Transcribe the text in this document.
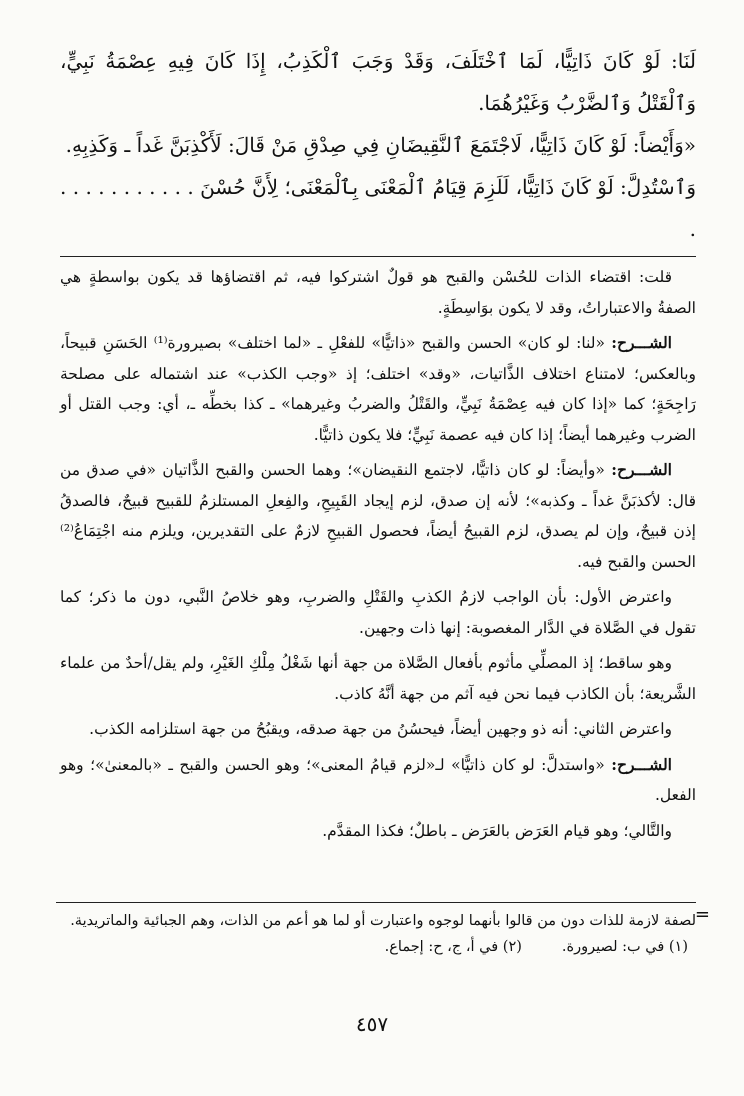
لَنَا: لَوْ كَانَ ذَاتِيًّا، لَمَا ٱخْتَلَفَ، وَقَدْ وَجَبَ ٱلْكَذِبُ، إِذَا كَانَ فِيهِ عِصْمَةُ نَبِيٍّ، وَٱلْقَتْلُ وَٱلضَّرْبُ وَغَيْرُهُمَا.

«وَأَيْضاً: لَوْ كَانَ ذَاتِيًّا، لَاجْتَمَعَ ٱلنَّقِيضَانِ فِي صِدْقِ مَنْ قَالَ: لَأَكْذِبَنَّ غَداً ـ وَكَذِبِهِ.

وَٱسْتُدِلَّ: لَوْ كَانَ ذَاتِيًّا، لَلَزِمَ قِيَامُ ٱلْمَعْنَى بِٱلْمَعْنَى؛ لِأَنَّ حُسْنَ . . . . . . . . . . . .

قلت: اقتضاء الذات للحُسْن والقبح هو قولٌ اشتركوا فيه، ثم اقتضاؤها قد يكون بواسطةٍ هي الصفةُ والاعتباراتُ، وقد لا يكون بوَاسِطَةٍ.

الشـــرح: «لنا: لو كان» الحسن والقبح «ذاتيًّا» للفعْلِ ـ «لما اختلف» بصيرورة⁽¹⁾ الحَسَنِ قبيحاً، وبالعكس؛ لامتناع اختلاف الذَّاتيات، «وقد» اختلف؛ إذ «وجب الكذب» عند اشتماله على مصلحة رَاجِحَةٍ؛ كما «إذا كان فيه عِصْمَةُ نَبِيٍّ، والقَتْلُ والضربُ وغيرهما» ـ كذا بخطِّه ـ، أي: وجب القتل أو الضرب وغيرهما أيضاً؛ إذا كان فيه عصمة نَبِيٍّ؛ فلا يكون ذاتيًّا.

الشـــرح: «وأيضاً: لو كان ذاتيًّا، لاجتمع النقيضان»؛ وهما الحسن والقبح الذَّاتيان «في صدق من قال: لأكذبَنَّ غداً ـ وكذبه»؛ لأنه إن صدق، لزم إيجاد القَبِيحِ، والفِعلِ المستلزمُ للقبيح قبيحٌ، فالصدقُ إذن قبيحٌ، وإن لم يصدق، لزم القبيحُ أيضاً، فحصول القبيحِ لازمٌ على التقديرين، ويلزم منه اجْتِمَاعُ⁽²⁾ الحسن والقبح فيه.

واعترض الأول: بأن الواجب لازمُ الكذبِ والقَتْلِ والضربِ، وهو خلاصُ النَّبي، دون ما ذكر؛ كما تقول في الصَّلاة في الدَّار المغصوبة: إنها ذات وجهين.

وهو ساقط؛ إذ المصلِّي مأثوم بأفعال الصَّلاة من جهة أنها شَغْلُ مِلْكِ الغَيْرِ، ولم يقل/أحدٌ من علماء الشَّريعة؛ بأن الكاذب فيما نحن فيه آثم من جهة أنَّهُ كاذب.

واعترض الثاني: أنه ذو وجهين أيضاً، فيحسُنُ من جهة صدقه، ويقبُحُ من جهة استلزامه الكذب.

الشـــرح: «واستدلَّ: لو كان ذاتيًّا» لـ«لزم قيامُ المعنى»؛ وهو الحسن والقبح ـ «بالمعنىٰ»؛ وهو الفعل.

والتَّالي؛ وهو قيام العَرَض بالعَرَض ـ باطلٌ؛ فكذا المقدَّم.

=

لصفة لازمة للذات دون من قالوا بأنهما لوجوه واعتبارت أو لما هو أعم من الذات، وهم الجبائية والماتريدية.

(١) في ب: لصيرورة.
(٢) في أ، ج، ح: إجماع.
٤٥٧
